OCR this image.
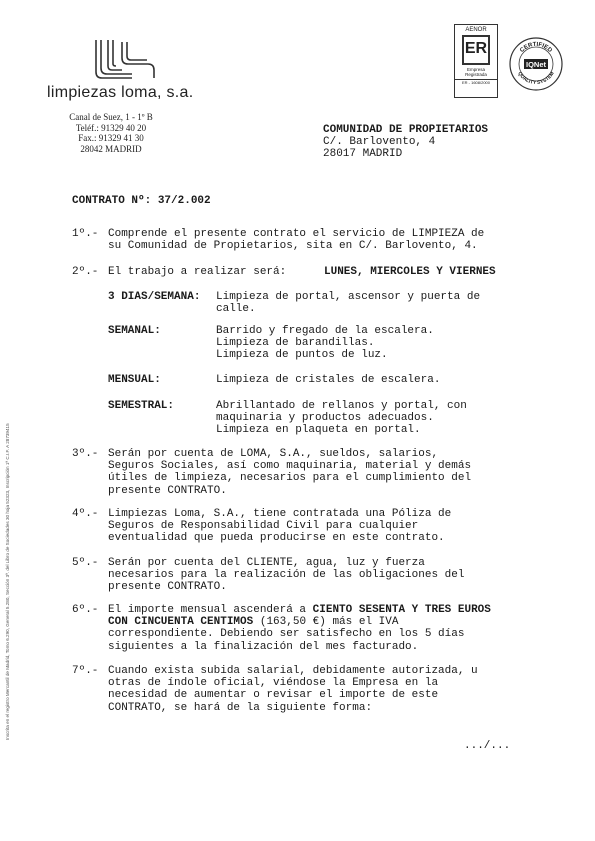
limpiezas loma, s.a.
Canal de Suez, 1 - 1º B
Teléf.: 91329 40 20
Fax.: 91329 41 30
28042 MADRID
AENOR
ER
Empresa
Registrada
ER - 1608/2000
CERTIFIED
QUALITY SYSTEM
IQNet
COMUNIDAD DE PROPIETARIOS
C/. Barlovento, 4
28017 MADRID
CONTRATO Nº: 37/2.002
1º.- Comprende el presente contrato el servicio de LIMPIEZA de
su Comunidad de Propietarios, sita en C/. Barlovento, 4.
2º.- El trabajo a realizar será:	LUNES, MIERCOLES Y VIERNES
3 DIAS/SEMANA: Limpieza de portal, ascensor y puerta de
calle.
SEMANAL:	Barrido y fregado de la escalera.
Limpieza de barandillas.
Limpieza de puntos de luz.
MENSUAL:	Limpieza de cristales de escalera.
SEMESTRAL:	Abrillantado de rellanos y portal, con
maquinaria y productos adecuados.
Limpieza en plaqueta en portal.
3º.- Serán por cuenta de LOMA, S.A., sueldos, salarios,
Seguros Sociales, así como maquinaria, material y demás
útiles de limpieza, necesarios para el cumplimiento del
presente CONTRATO.
4º.- Limpiezas Loma, S.A., tiene contratada una Póliza de
Seguros de Responsabilidad Civil para cualquier
eventualidad que pueda producirse en este contrato.
5º.- Serán por cuenta del CLIENTE, agua, luz y fuerza
necesarios para la realización de las obligaciones del
presente CONTRATO.
6º.- El importe mensual ascenderá a CIENTO SESENTA Y TRES EUROS
CON CINCUENTA CENTIMOS (163,50 €) más el IVA
correspondiente. Debiendo ser satisfecho en los 5 días
siguientes a la finalización del mes facturado.
7º.- Cuando exista subida salarial, debidamente autorizada, u
otras de índole oficial, viéndose la Empresa en la
necesidad de aumentar o revisar el importe de este
CONTRATO, se hará de la siguiente forma:
.../...
Inscrita en el registro Mercantil de Madrid, Tomo 6.290, General 5.280, Sección 3ª. del Libro de Sociedades 30 hoja 52323, Inscripción 1ª C.I.F. A 28739415
